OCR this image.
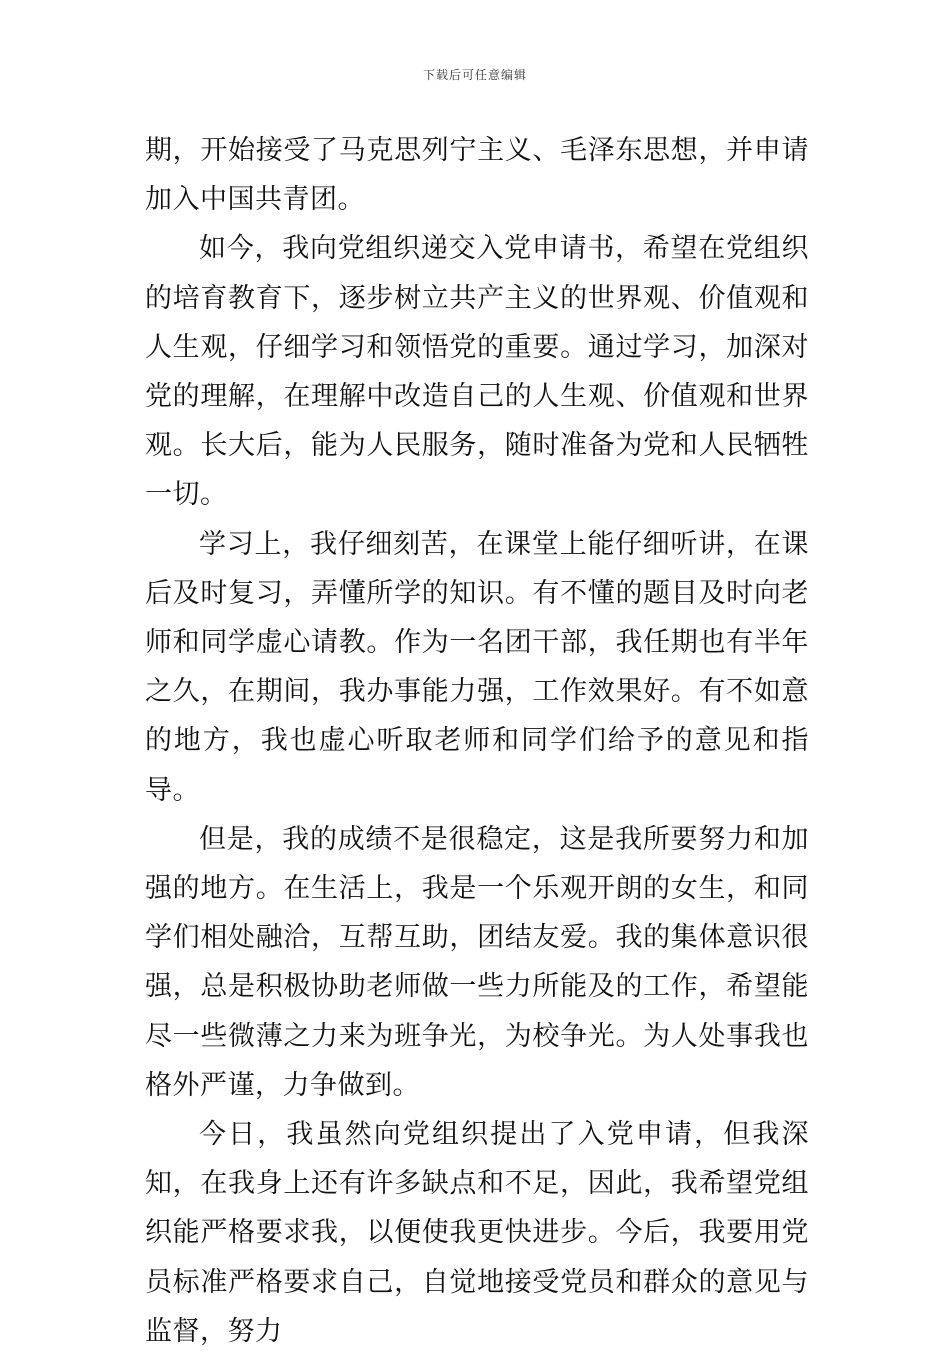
下载后可任意编辑

期，开始接受了马克思列宁主义、毛泽东思想，并申请加入中国共青团。

如今，我向党组织递交入党申请书，希望在党组织的培育教育下，逐步树立共产主义的世界观、价值观和人生观，仔细学习和领悟党的重要。通过学习，加深对党的理解，在理解中改造自己的人生观、价值观和世界观。长大后，能为人民服务，随时准备为党和人民牺牲一切。

学习上，我仔细刻苦，在课堂上能仔细听讲，在课后及时复习，弄懂所学的知识。有不懂的题目及时向老师和同学虚心请教。作为一名团干部，我任期也有半年之久，在期间，我办事能力强，工作效果好。有不如意的地方，我也虚心听取老师和同学们给予的意见和指导。

但是，我的成绩不是很稳定，这是我所要努力和加强的地方。在生活上，我是一个乐观开朗的女生，和同学们相处融洽，互帮互助，团结友爱。我的集体意识很强，总是积极协助老师做一些力所能及的工作，希望能尽一些微薄之力来为班争光，为校争光。为人处事我也格外严谨，力争做到。

今日，我虽然向党组织提出了入党申请，但我深知，在我身上还有许多缺点和不足，因此，我希望党组织能严格要求我，以便使我更快进步。今后，我要用党员标准严格要求自己，自觉地接受党员和群众的意见与监督，努力
